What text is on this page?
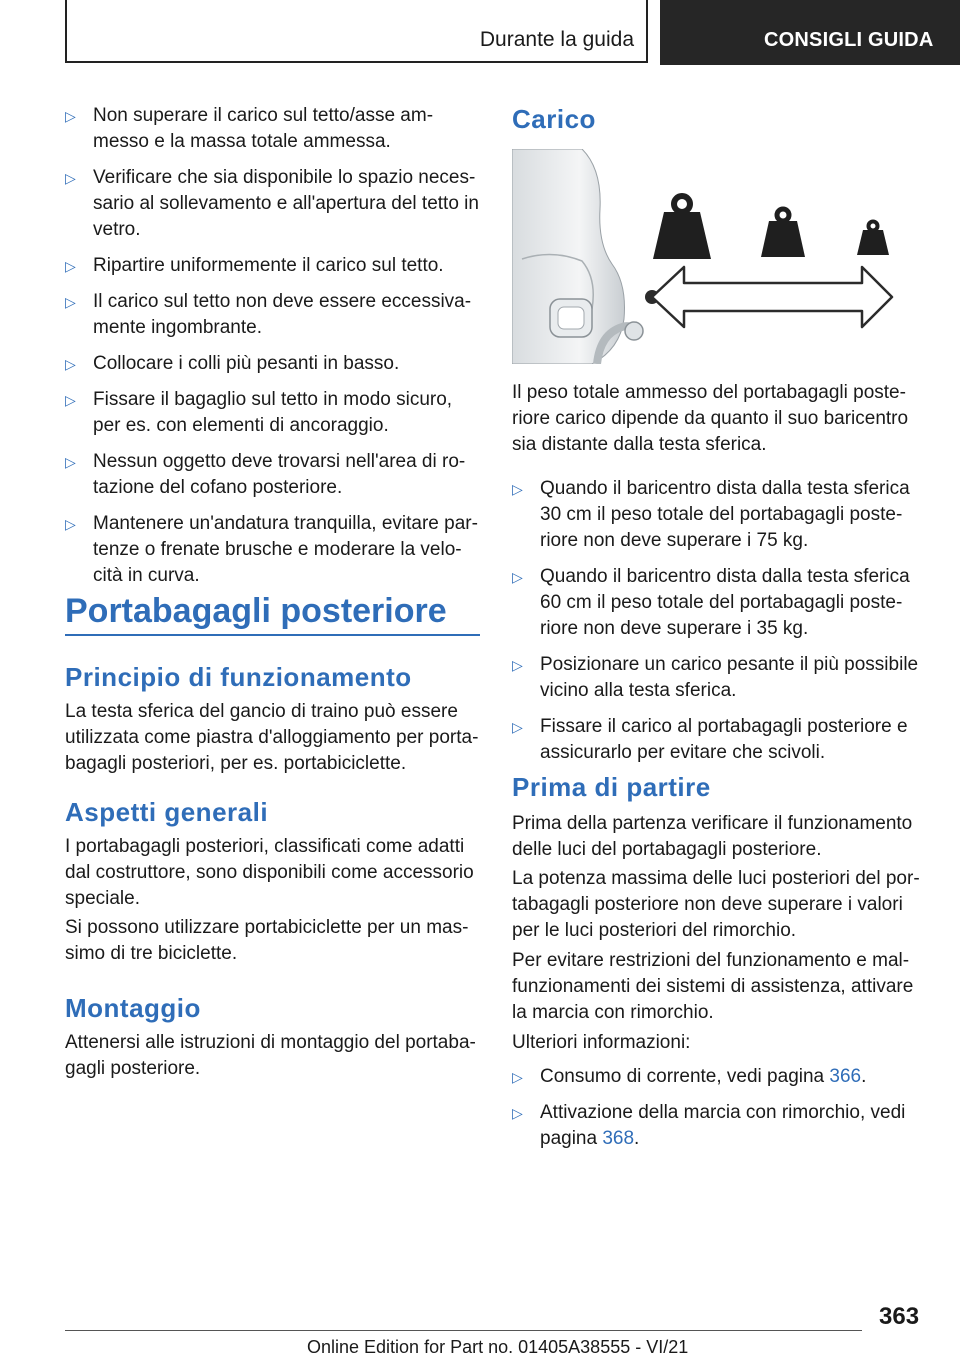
Durante la guida	CONSIGLI GUIDA
▷ Non superare il carico sul tetto/asse am-
messo e la massa totale ammessa.
▷ Verificare che sia disponibile lo spazio neces-
sario al sollevamento e all'apertura del tetto in
vetro.
▷ Ripartire uniformemente il carico sul tetto.
▷ Il carico sul tetto non deve essere eccessiva-
mente ingombrante.
▷ Collocare i colli più pesanti in basso.
▷ Fissare il bagaglio sul tetto in modo sicuro,
per es. con elementi di ancoraggio.
▷ Nessun oggetto deve trovarsi nell'area di ro-
tazione del cofano posteriore.
▷ Mantenere un'andatura tranquilla, evitare par-
tenze o frenate brusche e moderare la velo-
cità in curva.
Portabagagli posteriore
Principio di funzionamento

La testa sferica del gancio di traino può essere
utilizzata come piastra d'alloggiamento per porta-
bagagli posteriori, per es. portabiciclette.

Aspetti generali

I portabagagli posteriori, classificati come adatti
dal costruttore, sono disponibili come accessorio
speciale.

Si possono utilizzare portabiciclette per un mas-
simo di tre biciclette.

Montaggio

Attenersi alle istruzioni di montaggio del portaba-
gagli posteriore.

Carico

Il peso totale ammesso del portabagagli poste-
riore carico dipende da quanto il suo baricentro
sia distante dalla testa sferica.

▷ Quando il baricentro dista dalla testa sferica
30 cm il peso totale del portabagagli poste-
riore non deve superare i 75 kg.
▷ Quando il baricentro dista dalla testa sferica
60 cm il peso totale del portabagagli poste-
riore non deve superare i 35 kg.
▷ Posizionare un carico pesante il più possibile
vicino alla testa sferica.
▷ Fissare il carico al portabagagli posteriore e
assicurarlo per evitare che scivoli.
Prima di partire

Prima della partenza verificare il funzionamento
delle luci del portabagagli posteriore.

La potenza massima delle luci posteriori del por-
tabagagli posteriore non deve superare i valori
per le luci posteriori del rimorchio.

Per evitare restrizioni del funzionamento e mal-
funzionamenti dei sistemi di assistenza, attivare
la marcia con rimorchio.

Ulteriori informazioni:

▷ Consumo di corrente, vedi pagina 366.
▷ Attivazione della marcia con rimorchio, vedi
pagina 368.
363
Online Edition for Part no. 01405A38555 - VI/21
